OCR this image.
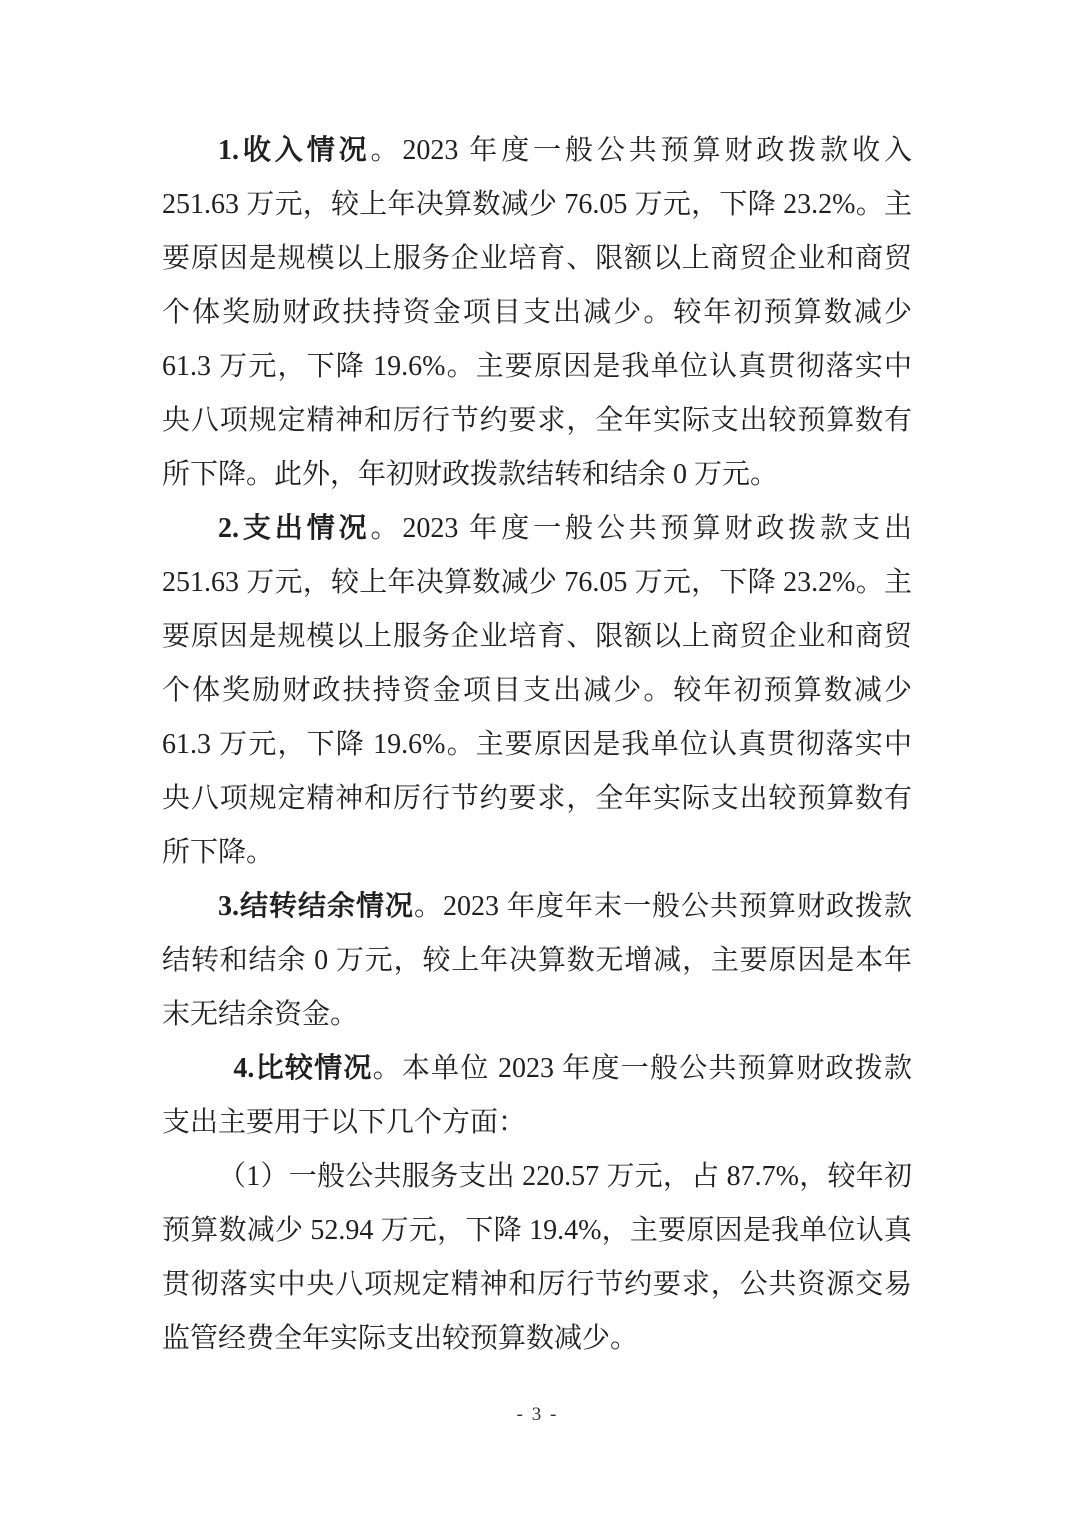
1.收入情况。2023 年度一般公共预算财政拨款收入 251.63 万元，较上年决算数减少 76.05 万元，下降 23.2%。主要原因是规模以上服务企业培育、限额以上商贸企业和商贸个体奖励财政扶持资金项目支出减少。较年初预算数减少 61.3 万元，下降 19.6%。主要原因是我单位认真贯彻落实中央八项规定精神和厉行节约要求，全年实际支出较预算数有所下降。此外，年初财政拨款结转和结余 0 万元。

2.支出情况。2023 年度一般公共预算财政拨款支出 251.63 万元，较上年决算数减少 76.05 万元，下降 23.2%。主要原因是规模以上服务企业培育、限额以上商贸企业和商贸个体奖励财政扶持资金项目支出减少。较年初预算数减少 61.3 万元，下降 19.6%。主要原因是我单位认真贯彻落实中央八项规定精神和厉行节约要求，全年实际支出较预算数有所下降。

3.结转结余情况。2023 年度年末一般公共预算财政拨款结转和结余 0 万元，较上年决算数无增减，主要原因是本年末无结余资金。

4.比较情况。本单位 2023 年度一般公共预算财政拨款支出主要用于以下几个方面：

（1）一般公共服务支出 220.57 万元，占 87.7%，较年初预算数减少 52.94 万元，下降 19.4%，主要原因是我单位认真贯彻落实中央八项规定精神和厉行节约要求，公共资源交易监管经费全年实际支出较预算数减少。

- 3 -
